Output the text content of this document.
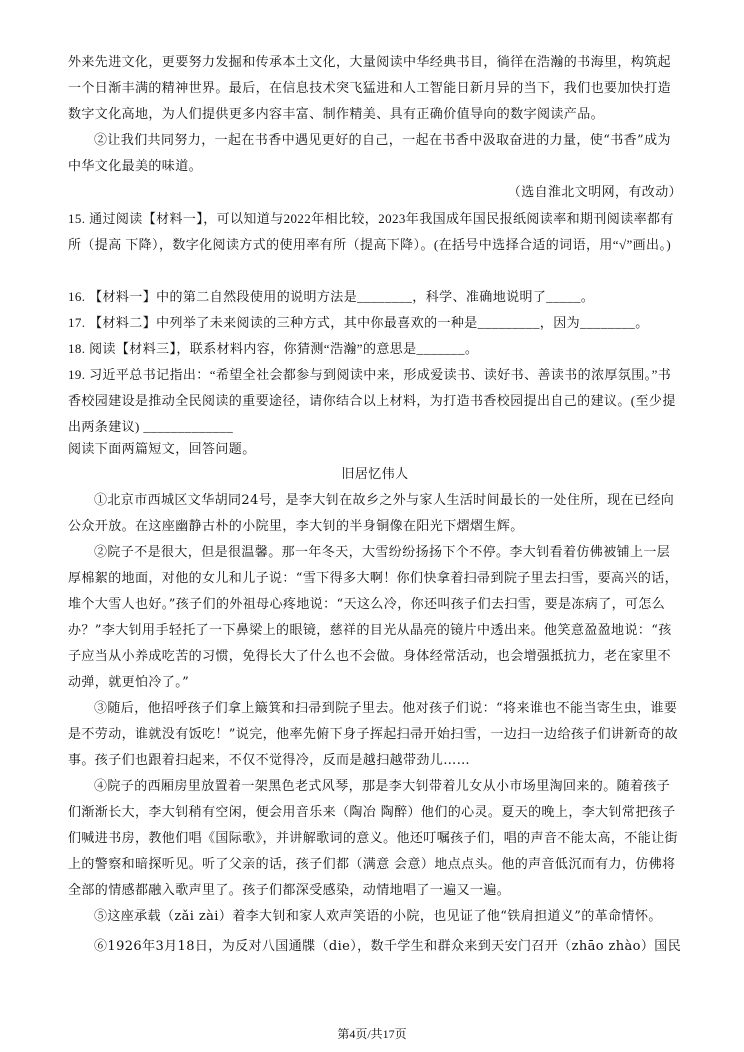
外来先进文化，更要努力发掘和传承本土文化，大量阅读中华经典书目，徜徉在浩瀚的书海里，构筑起一个日渐丰满的精神世界。最后，在信息技术突飞猛进和人工智能日新月异的当下，我们也要加快打造数字文化高地，为人们提供更多内容丰富、制作精美、具有正确价值导向的数字阅读产品。
②让我们共同努力，一起在书香中遇见更好的自己，一起在书香中汲取奋进的力量，使“书香”成为中华文化最美的味道。
（选自淮北文明网，有改动）
15. 通过阅读【材料一】，可以知道与2022年相比较，2023年我国成年国民报纸阅读率和期刊阅读率都有所（提高 下降），数字化阅读方式的使用率有所（提高下降）。(在括号中选择合适的词语，用“√”画出。)
16. 【材料一】中的第二自然段使用的说明方法是________，科学、准确地说明了_____。
17. 【材料二】中列举了未来阅读的三种方式，其中你最喜欢的一种是_________，因为________。
18. 阅读【材料三】，联系材料内容，你猜测“浩瀚”的意思是_______。
19. 习近平总书记指出：“希望全社会都参与到阅读中来，形成爱读书、读好书、善读书的浓厚氛围。”书香校园建设是推动全民阅读的重要途径，请你结合以上材料，为打造书香校园提出自己的建议。(至少提出两条建议) _____________
阅读下面两篇短文，回答问题。
旧居忆伟人
①北京市西城区文华胡同24号，是李大钊在故乡之外与家人生活时间最长的一处住所，现在已经向公众开放。在这座幽静古朴的小院里，李大钊的半身铜像在阳光下熠熠生辉。
②院子不是很大，但是很温馨。那一年冬天，大雪纷纷扬扬下个不停。李大钊看着仿佛被铺上一层厚棉絮的地面，对他的女儿和儿子说：“雪下得多大啊！你们快拿着扫帚到院子里去扫雪，要高兴的话，堆个大雪人也好。”孩子们的外祖母心疼地说：“天这么冷，你还叫孩子们去扫雪，要是冻病了，可怎么办？”李大钊用手轻托了一下鼻梁上的眼镜，慈祥的目光从晶亮的镜片中透出来。他笑意盈盈地说：“孩子应当从小养成吃苦的习惯，免得长大了什么也不会做。身体经常活动，也会增强抵抗力，老在家里不动弹，就更怕冷了。”
③随后，他招呼孩子们拿上簸箕和扫帚到院子里去。他对孩子们说：“将来谁也不能当寄生虫，谁要是不劳动，谁就没有饭吃！”说完，他率先俯下身子挥起扫帚开始扫雪，一边扫一边给孩子们讲新奇的故事。孩子们也跟着扫起来，不仅不觉得冷，反而是越扫越带劲儿……
④院子的西厢房里放置着一架黑色老式风琴，那是李大钊带着儿女从小市场里淘回来的。随着孩子们渐渐长大，李大钊稍有空闲，便会用音乐来（陶冶 陶醉）他们的心灵。夏天的晚上，李大钊常把孩子们喊进书房，教他们唱《国际歌》，并讲解歌词的意义。他还叮嘱孩子们，唱的声音不能太高，不能让街上的警察和暗探听见。听了父亲的话，孩子们都（满意 会意）地点点头。他的声音低沉而有力，仿佛将全部的情感都融入歌声里了。孩子们都深受感染，动情地唱了一遍又一遍。
⑤这座承载（zǎi zài）着李大钊和家人欢声笑语的小院，也见证了他“铁肩担道义”的革命情怀。
⑥1926年3月18日，为反对八国通牒（die），数千学生和群众来到天安门召开（zhāo zhào）国民
第4页/共17页
